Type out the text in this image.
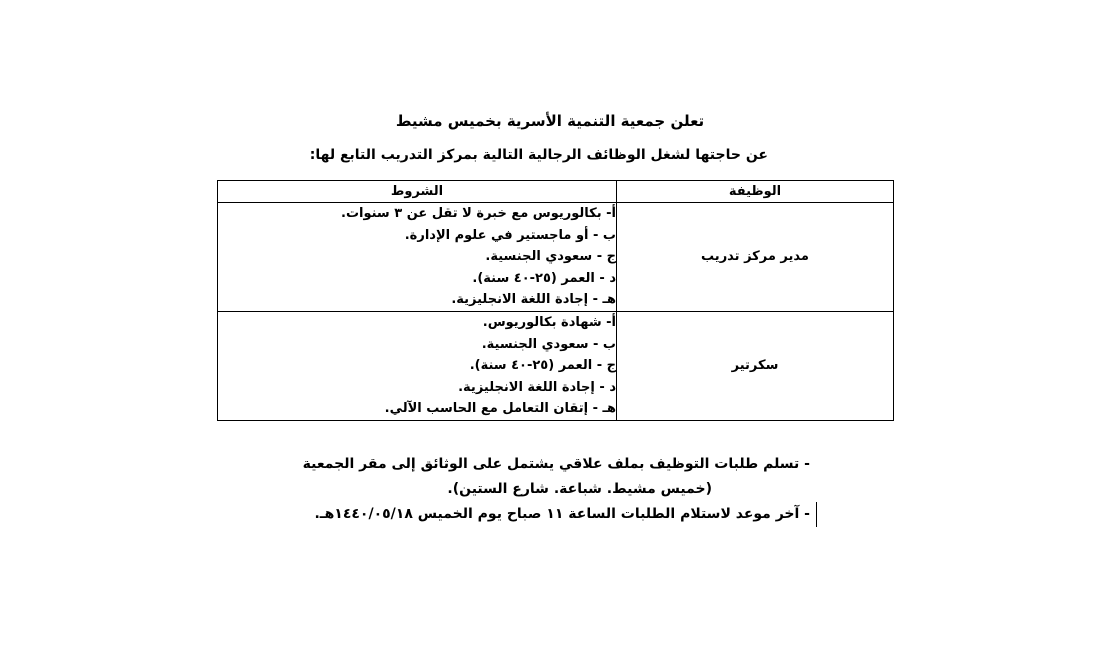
تعلن جمعية التنمية الأسرية بخميس مشيط
عن حاجتها لشغل الوظائف الرجالية التالية بمركز التدريب التابع لها:
الوظيفة	الشروط
مدير مركز تدريب	أ- بكالوريوس مع خبرة لا تقل عن ٣ سنوات.
ب - أو ماجستير في علوم الإدارة.
ج - سعودي الجنسية.
د - العمر (٢٥-٤٠ سنة).
هـ - إجادة اللغة الانجليزية.

سكرتير	أ- شهادة بكالوريوس.
ب - سعودي الجنسية.
ج - العمر (٢٥-٤٠ سنة).
د - إجادة اللغة الانجليزية.
هـ - إتقان التعامل مع الحاسب الآلي.
- تسلم طلبات التوظيف بملف علاقي يشتمل على الوثائق إلى مقر الجمعية
(خميس مشيط. شباعة. شارع الستين).
- آخر موعد لاستلام الطلبات الساعة ١١ صباح يوم الخميس ١٤٤٠/٠٥/١٨هـ.
